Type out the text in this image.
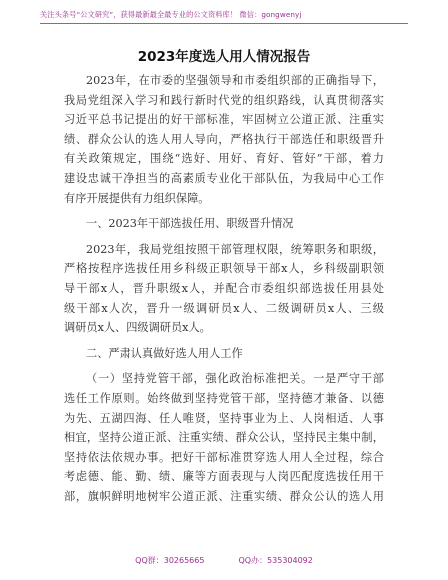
关注头条号“公文研究”，获得最新最全最专业的公文资料库！ 微信：gongwenyj
2023年度选人用人情况报告
2023年，在市委的坚强领导和市委组织部的正确指导下，
我局党组深入学习和践行新时代党的组织路线，认真贯彻落实
习近平总书记提出的好干部标准，牢固树立公道正派、注重实
绩、群众公认的选人用人导向，严格执行干部选任和职级晋升
有关政策规定，围绕“选好、用好、育好、管好”干部，着力
建设忠诚干净担当的高素质专业化干部队伍，为我局中心工作
有序开展提供有力组织保障。
一、2023年干部选拔任用、职级晋升情况
2023年，我局党组按照干部管理权限，统筹职务和职级，
严格按程序选拔任用乡科级正职领导干部x人，乡科级副职领
导干部x人，晋升职级x人，并配合市委组织部选拔任用县处
级干部x人次，晋升一级调研员x人、二级调研员x人、三级
调研员x人、四级调研员x人。
二、严肃认真做好选人用人工作
（一）坚持党管干部，强化政治标准把关。一是严守干部
选任工作原则。始终做到坚持党管干部，坚持德才兼备、以德
为先、五湖四海、任人唯贤，坚持事业为上、人岗相适、人事
相宜，坚持公道正派、注重实绩、群众公认，坚持民主集中制，
坚持依法依规办事。把好干部标准贯穿选人用人全过程，综合
考虑德、能、勤、绩、廉等方面表现与人岗匹配度选拔任用干
部，旗帜鲜明地树牢公道正派、注重实绩、群众公认的选人用
QQ群：30265665	QQ办：535304092
